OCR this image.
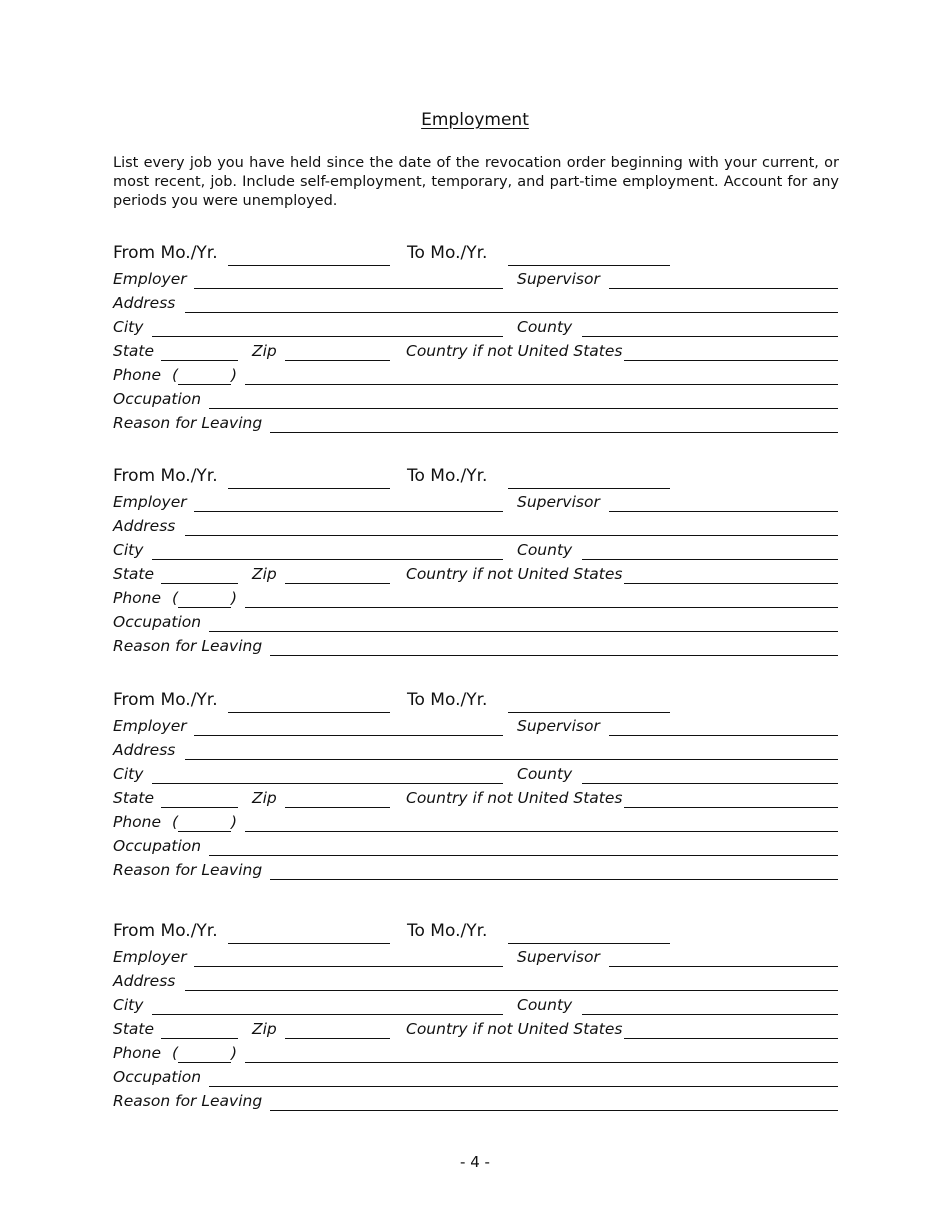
Employment
List every job you have held since the date of the revocation order beginning with your current, or most recent, job. Include self-employment, temporary, and part-time employment. Account for any periods you were unemployed.
From Mo./Yr.	To Mo./Yr.
Employer	Supervisor
Address
City	County
State	Zip	Country if not United States
Phone (	)
Occupation
Reason for Leaving
From Mo./Yr.	To Mo./Yr.
Employer	Supervisor
Address
City	County
State	Zip	Country if not United States
Phone (	)
Occupation
Reason for Leaving
From Mo./Yr.	To Mo./Yr.
Employer	Supervisor
Address
City	County
State	Zip	Country if not United States
Phone (	)
Occupation
Reason for Leaving
From Mo./Yr.	To Mo./Yr.
Employer	Supervisor
Address
City	County
State	Zip	Country if not United States
Phone (	)
Occupation
Reason for Leaving
- 4 -
